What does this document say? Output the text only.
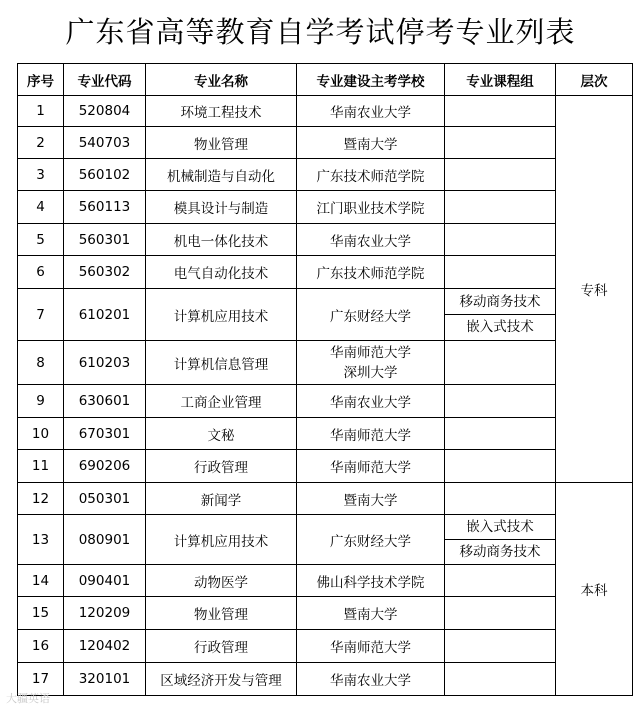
广东省高等教育自学考试停考专业列表
序号	专业代码	专业名称	专业建设主考学校	专业课程组	层次
1	520804	环境工程技术	华南农业大学		专科
2	540703	物业管理	暨南大学		
3	560102	机械制造与自动化	广东技术师范学院		
4	560113	模具设计与制造	江门职业技术学院		
5	560301	机电一体化技术	华南农业大学		
6	560302	电气自动化技术	广东技术师范学院		
7	610201	计算机应用技术	广东财经大学	移动商务技术
嵌入式技术	

8	610203	计算机信息管理	华南师范大学
深圳大学		
9	630601	工商企业管理	华南农业大学		
10	670301	文秘	华南师范大学		
11	690206	行政管理	华南师范大学		
12	050301	新闻学	暨南大学		本科
13	080901	计算机应用技术	广东财经大学	嵌入式技术
移动商务技术	

14	090401	动物医学	佛山科学技术学院		
15	120209	物业管理	暨南大学		
16	120402	行政管理	华南师范大学		
17	320101	区域经济开发与管理	华南农业大学		
大疆英语
